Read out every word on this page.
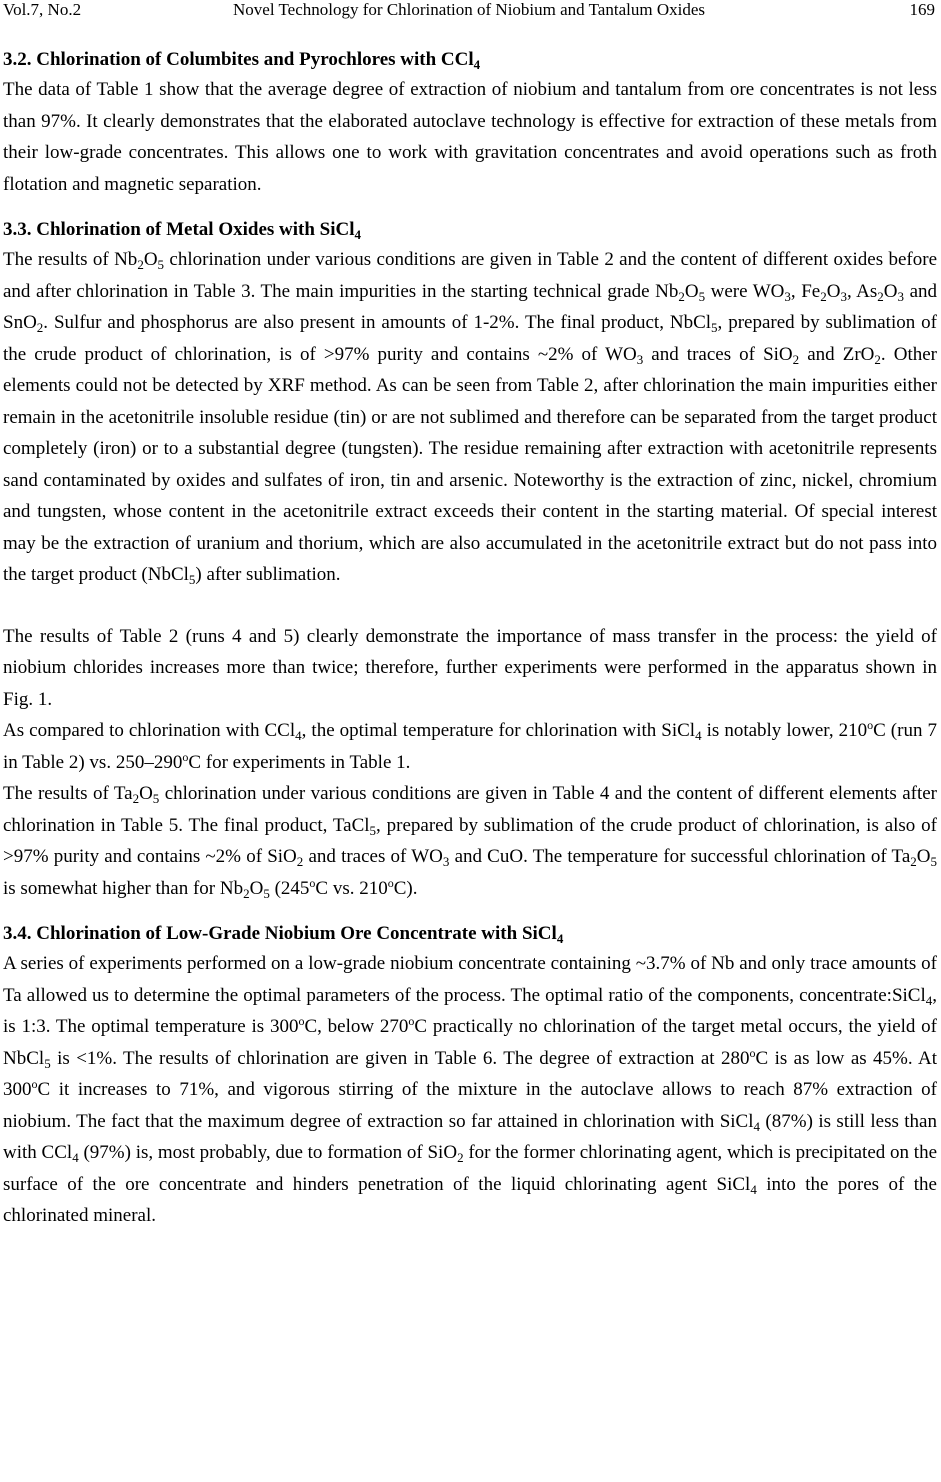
Vol.7, No.2	Novel Technology for Chlorination of Niobium and Tantalum Oxides	169
3.2. Chlorination of Columbites and Pyrochlores with CCl$_4$

The data of Table 1 show that the average degree of extraction of niobium and tantalum from ore concentrates is not less than 97%. It clearly demonstrates that the elaborated autoclave technology is effective for extraction of these metals from their low-grade concentrates. This allows one to work with gravitation concentrates and avoid operations such as froth flotation and magnetic separation.

3.3. Chlorination of Metal Oxides with SiCl$_4$

The results of $Nb_2O_5$ chlorination under various conditions are given in Table 2 and the content of different oxides before and after chlorination in Table 3. The main impurities in the starting technical grade $Nb_2O_5$ were $WO_3$, $Fe_2O_3$, $As_2O_3$ and SnO$_2$. Sulfur and phosphorus are also present in amounts of 1-2%. The final product, NbCl$_5$, prepared by sublimation of the crude product of chlorination, is of >97% purity and contains ~2% of $WO_3$ and traces of SiO$_2$ and ZrO$_2$. Other elements could not be detected by XRF method. As can be seen from Table 2, after chlorination the main impurities either remain in the acetonitrile insoluble residue (tin) or are not sublimed and therefore can be separated from the target product completely (iron) or to a substantial degree (tungsten). The residue remaining after extraction with acetonitrile represents sand contaminated by oxides and sulfates of iron, tin and arsenic. Noteworthy is the extraction of zinc, nickel, chromium and tungsten, whose content in the acetonitrile extract exceeds their content in the starting material. Of special interest may be the extraction of uranium and thorium, which are also accumulated in the acetonitrile extract but do not pass into the target product (NbCl$_5$) after sublimation.

The results of Table 2 (runs 4 and 5) clearly demonstrate the importance of mass transfer in the process: the yield of niobium chlorides increases more than twice; therefore, further experiments were performed in the apparatus shown in Fig. 1.

As compared to chlorination with CCl$_4$, the optimal temperature for chlorination with SiCl$_4$ is notably lower, 210$^o$C (run 7 in Table 2) vs. 250–290$^o$C for experiments in Table 1.

The results of $Ta_2O_5$ chlorination under various conditions are given in Table 4 and the content of different elements after chlorination in Table 5. The final product, TaCl$_5$, prepared by sublimation of the crude product of chlorination, is also of >97% purity and contains ~2% of SiO$_2$ and traces of $WO_3$ and CuO. The temperature for successful chlorination of $Ta_2O_5$ is somewhat higher than for $Nb_2O_5$ (245$^o$C vs. 210$^o$C).

3.4. Chlorination of Low-Grade Niobium Ore Concentrate with SiCl$_4$

A series of experiments performed on a low-grade niobium concentrate containing ~3.7% of Nb and only trace amounts of Ta allowed us to determine the optimal parameters of the process. The optimal ratio of the components, concentrate:SiCl$_4$, is 1:3. The optimal temperature is 300$^o$C, below 270$^o$C practically no chlorination of the target metal occurs, the yield of NbCl$_5$ is <1%. The results of chlorination are given in Table 6. The degree of extraction at 280$^o$C is as low as 45%. At 300$^o$C it increases to 71%, and vigorous stirring of the mixture in the autoclave allows to reach 87% extraction of niobium. The fact that the maximum degree of extraction so far attained in chlorination with SiCl$_4$ (87%) is still less than with CCl$_4$ (97%) is, most probably, due to formation of SiO$_2$ for the former chlorinating agent, which is precipitated on the surface of the ore concentrate and hinders penetration of the liquid chlorinating agent SiCl$_4$ into the pores of the chlorinated mineral.
